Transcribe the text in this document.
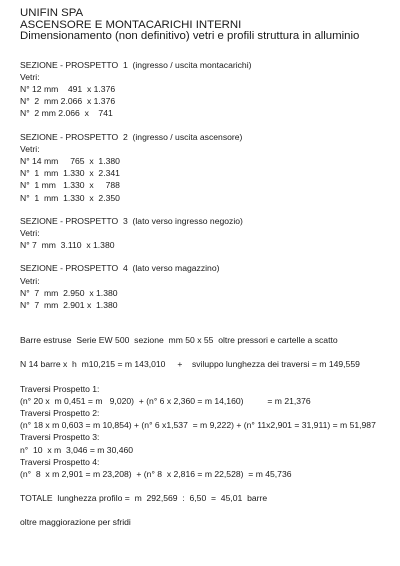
UNIFIN SPA
ASCENSORE E MONTACARICHI INTERNI
Dimensionamento (non definitivo) vetri e profili struttura in alluminio
SEZIONE - PROSPETTO  1  (ingresso / uscita montacarichi)
Vetri:
N° 12 mm    491  x 1.376
N°  2  mm 2.066  x 1.376
N°  2 mm 2.066  x    741
SEZIONE - PROSPETTO  2  (ingresso / uscita ascensore)
Vetri:
N° 14 mm     765  x  1.380
N°  1  mm  1.330  x  2.341
N°  1 mm   1.330  x     788
N°  1  mm  1.330  x  2.350
SEZIONE - PROSPETTO  3  (lato verso ingresso negozio)
Vetri:
N° 7  mm  3.110  x 1.380
SEZIONE - PROSPETTO  4  (lato verso magazzino)
Vetri:
N°  7  mm  2.950  x 1.380
N°  7  mm  2.901 x  1.380
Barre estruse  Serie EW 500  sezione  mm 50 x 55  oltre pressori e cartelle a scatto
N 14 barre x  h  m10,215 = m 143,010     +    sviluppo lunghezza dei traversi = m 149,559
Traversi Prospetto 1:
(n° 20 x  m 0,451 = m   9,020)  + (n° 6 x 2,360 = m 14,160)          = m 21,376
Traversi Prospetto 2:
(n° 18 x m 0,603 = m 10,854) + (n° 6 x1,537  = m 9,222) + (n° 11x2,901 = 31,911) = m 51,987
Traversi Prospetto 3:
n°  10  x m  3,046 = m 30,460
Traversi Prospetto 4:
(n°  8  x m 2,901 = m 23,208)  + (n° 8  x 2,816 = m 22,528)  = m 45,736
TOTALE  lunghezza profilo =  m  292,569  :  6,50  =  45,01  barre
oltre maggiorazione per sfridi
